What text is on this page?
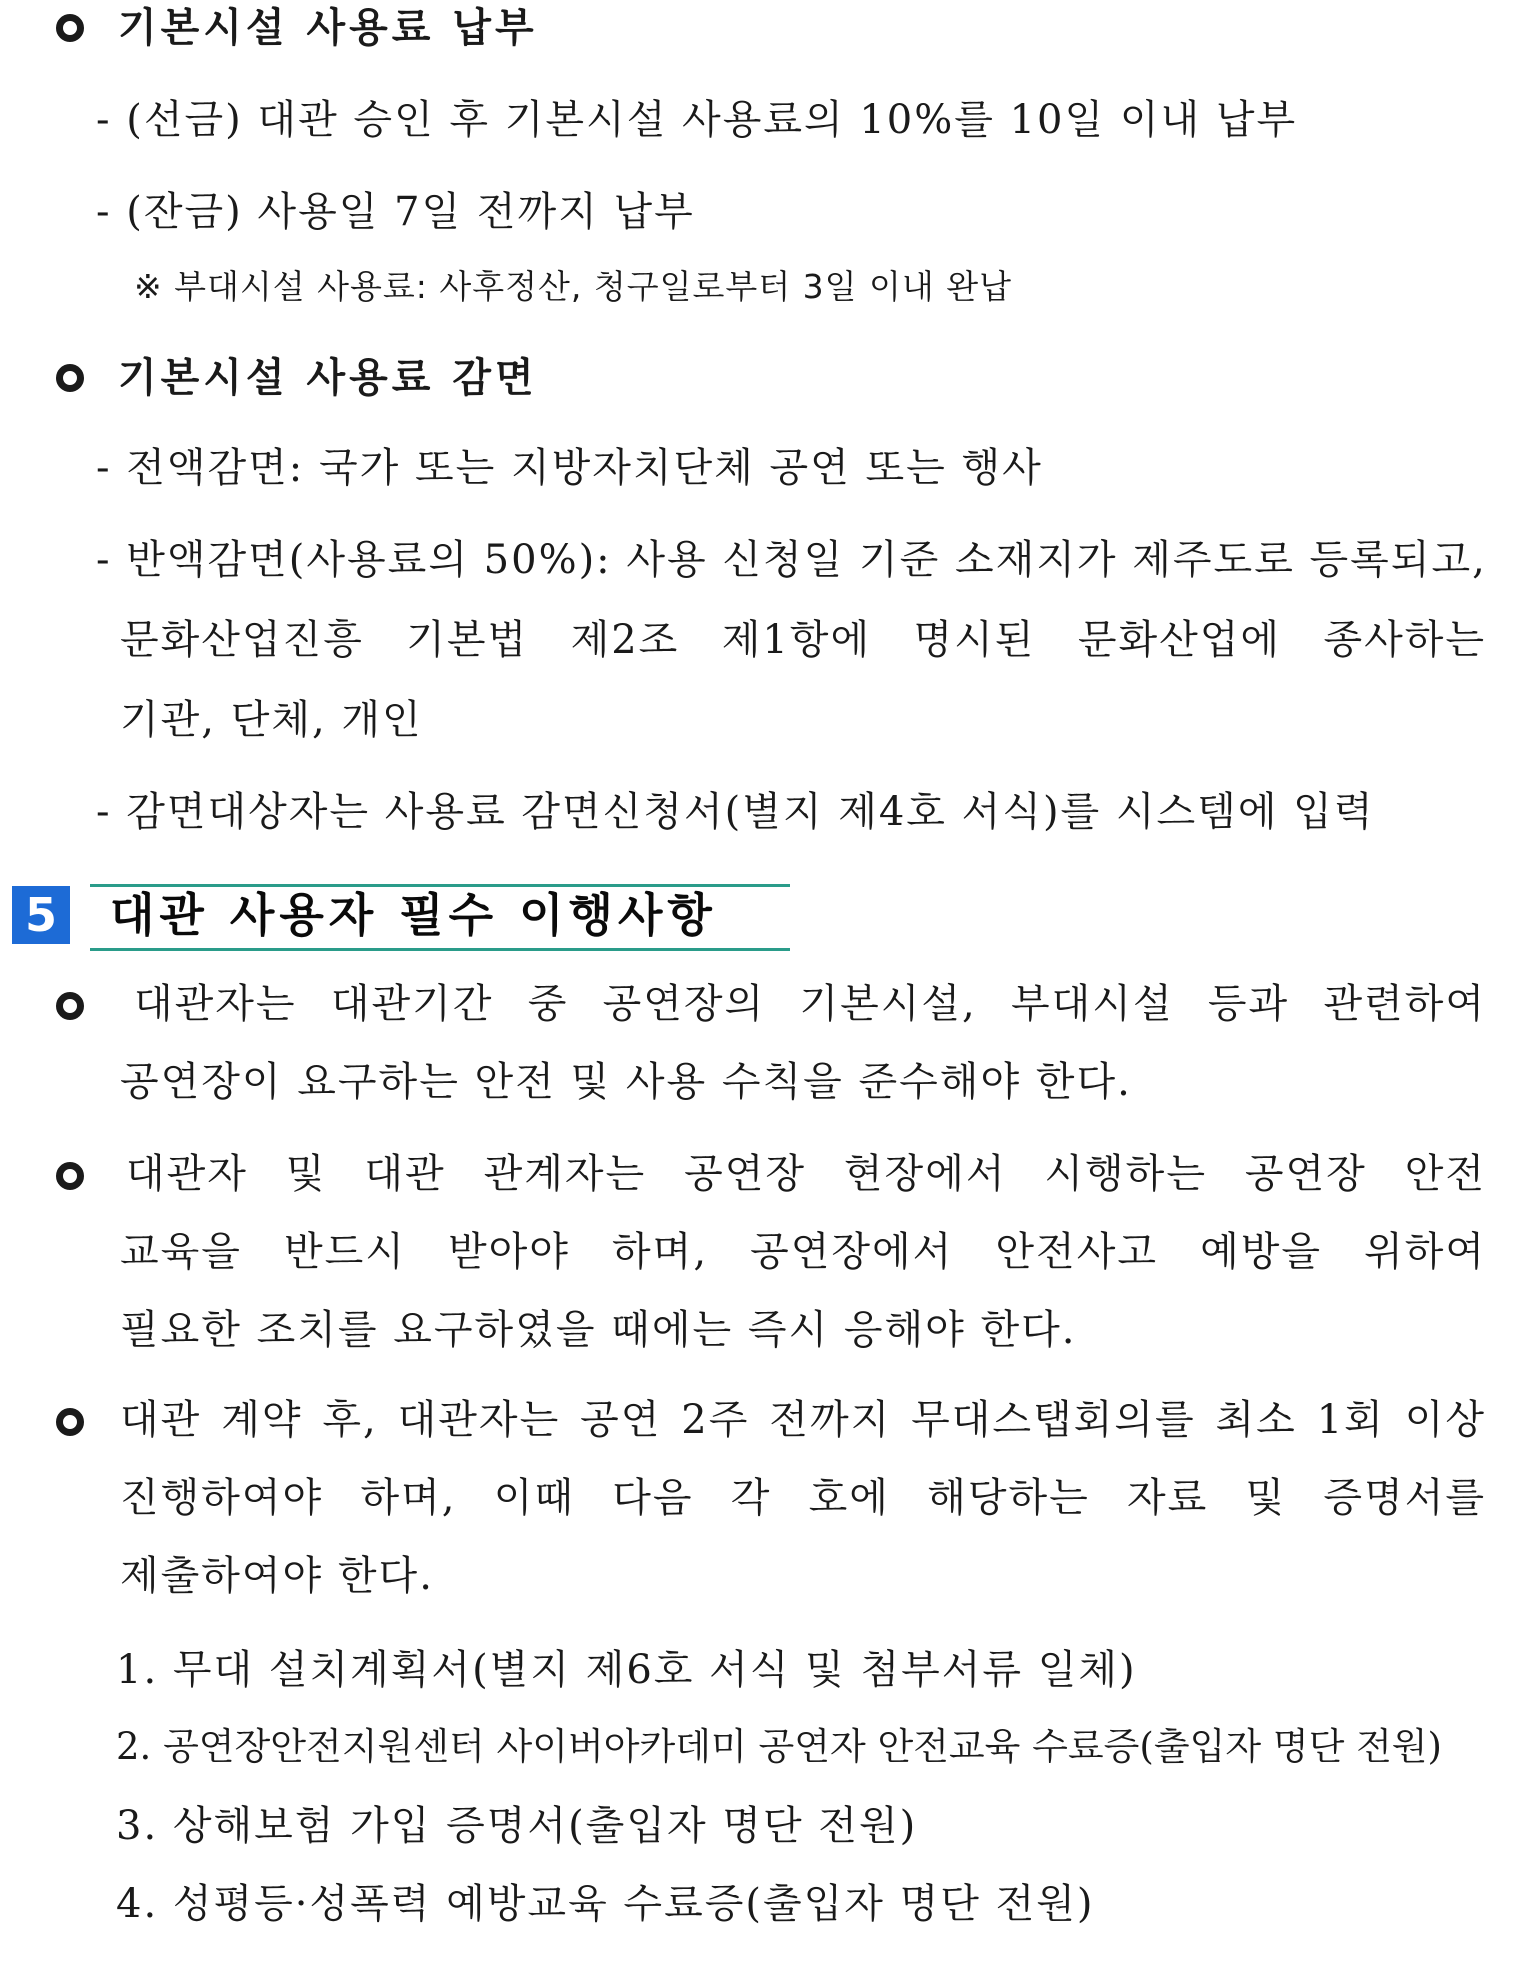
기본시설 사용료 납부
- (선금) 대관 승인 후 기본시설 사용료의 10%를 10일 이내 납부
- (잔금) 사용일 7일 전까지 납부
※ 부대시설 사용료: 사후정산, 청구일로부터 3일 이내 완납
기본시설 사용료 감면
- 전액감면: 국가 또는 지방자치단체 공연 또는 행사
- 반액감면(사용료의 50%): 사용 신청일 기준 소재지가 제주도로 등록되고,
문화산업진흥 기본법 제2조 제1항에 명시된 문화산업에 종사하는
기관, 단체, 개인
- 감면대상자는 사용료 감면신청서(별지 제4호 서식)를 시스템에 입력
5 대관 사용자 필수 이행사항
대관자는 대관기간 중 공연장의 기본시설, 부대시설 등과 관련하여
공연장이 요구하는 안전 및 사용 수칙을 준수해야 한다.
대관자 및 대관 관계자는 공연장 현장에서 시행하는 공연장 안전
교육을 반드시 받아야 하며, 공연장에서 안전사고 예방을 위하여
필요한 조치를 요구하였을 때에는 즉시 응해야 한다.
대관 계약 후, 대관자는 공연 2주 전까지 무대스탭회의를 최소 1회 이상
진행하여야 하며, 이때 다음 각 호에 해당하는 자료 및 증명서를
제출하여야 한다.
1. 무대 설치계획서(별지 제6호 서식 및 첨부서류 일체)
2. 공연장안전지원센터 사이버아카데미 공연자 안전교육 수료증(출입자 명단 전원)
3. 상해보험 가입 증명서(출입자 명단 전원)
4. 성평등·성폭력 예방교육 수료증(출입자 명단 전원)
